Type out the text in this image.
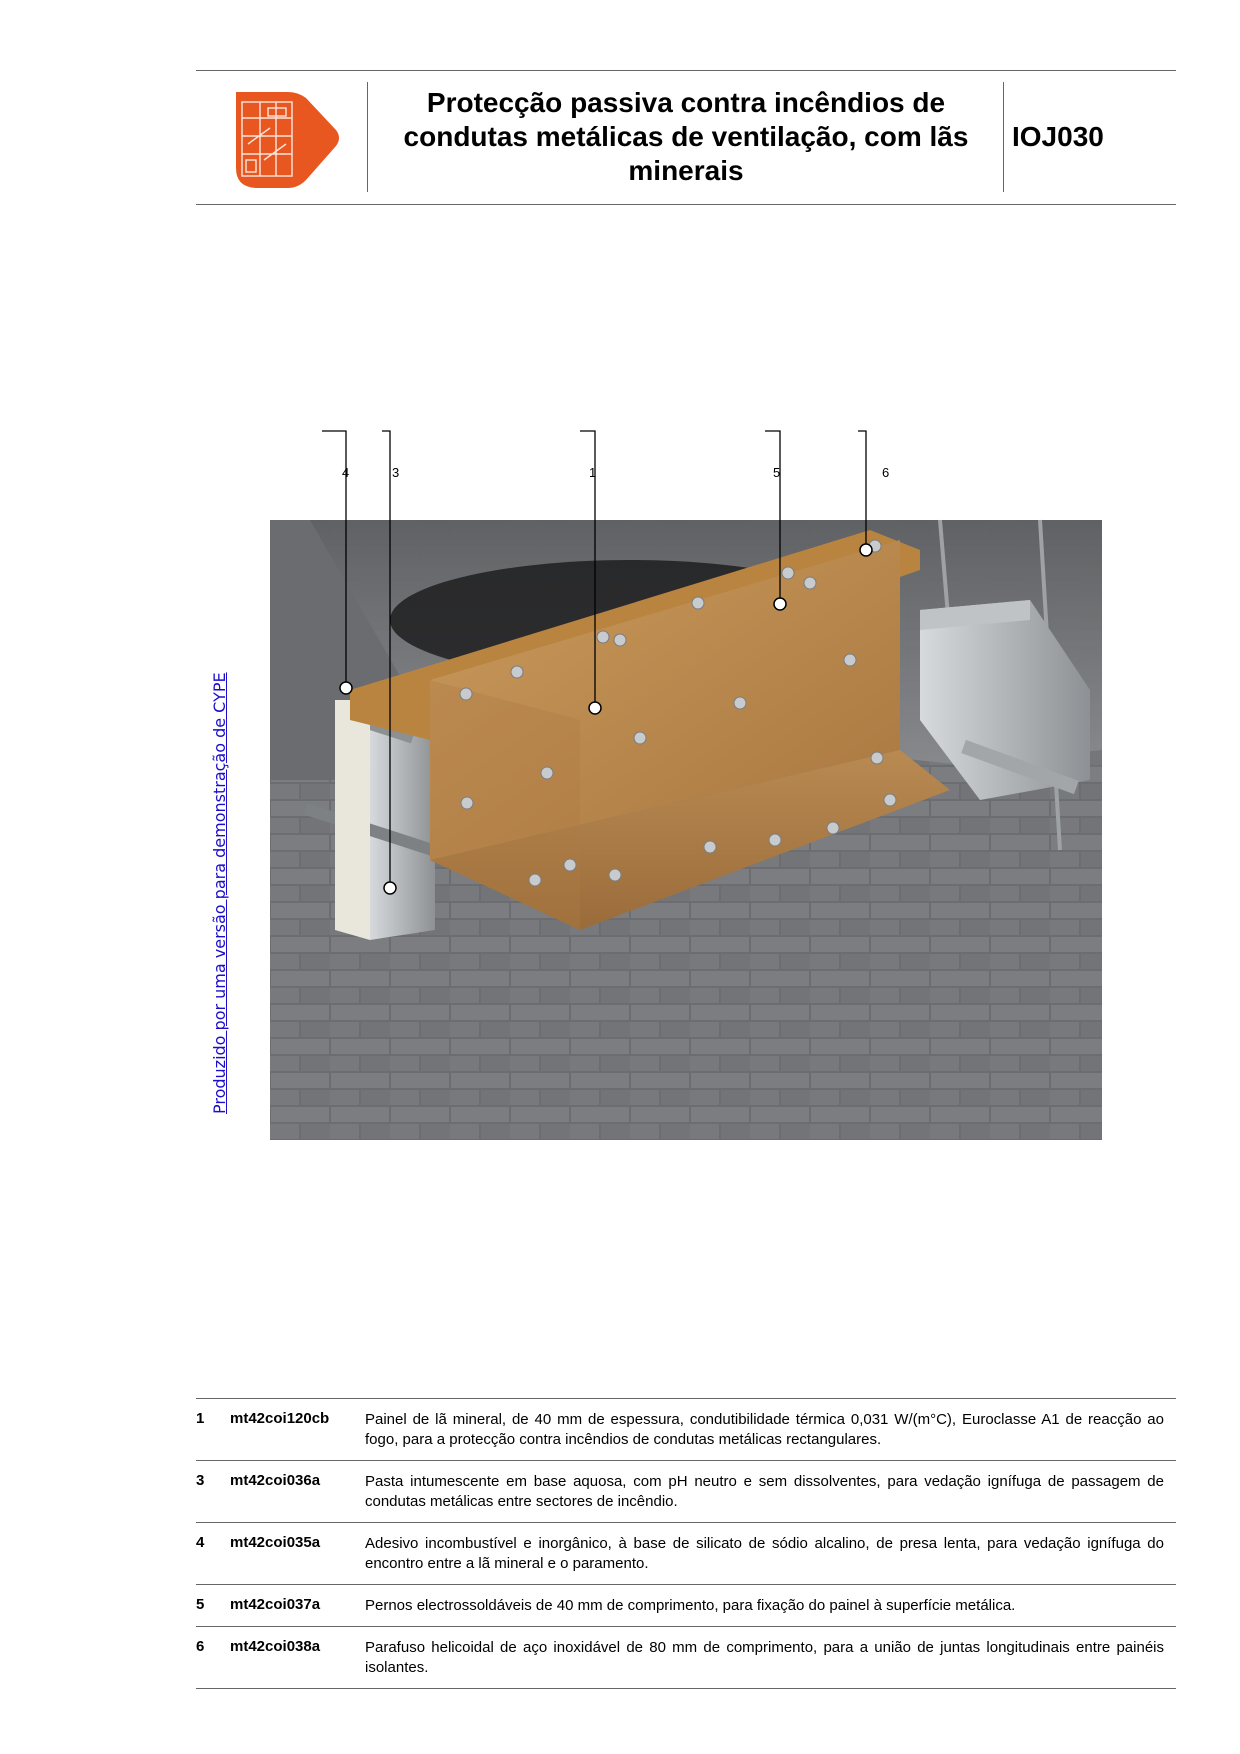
Protecção passiva contra incêndios de condutas metálicas de ventilação, com lãs minerais
IOJ030
Produzido por uma versão para demonstração de CYPE
4	3	1	5	6
1	mt42coi120cb	Painel de lã mineral, de 40 mm de espessura, condutibilidade térmica 0,031 W/(m°C), Euroclasse A1 de reacção ao fogo, para a protecção contra incêndios de condutas metálicas rectangulares.
3	mt42coi036a	Pasta intumescente em base aquosa, com pH neutro e sem dissolventes, para vedação ignífuga de passagem de condutas metálicas entre sectores de incêndio.
4	mt42coi035a	Adesivo incombustível e inorgânico, à base de silicato de sódio alcalino, de presa lenta, para vedação ignífuga do encontro entre a lã mineral e o paramento.
5	mt42coi037a	Pernos electrossoldáveis de 40 mm de comprimento, para fixação do painel à superfície metálica.
6	mt42coi038a	Parafuso helicoidal de aço inoxidável de 80 mm de comprimento, para a união de juntas longitudinais entre painéis isolantes.
